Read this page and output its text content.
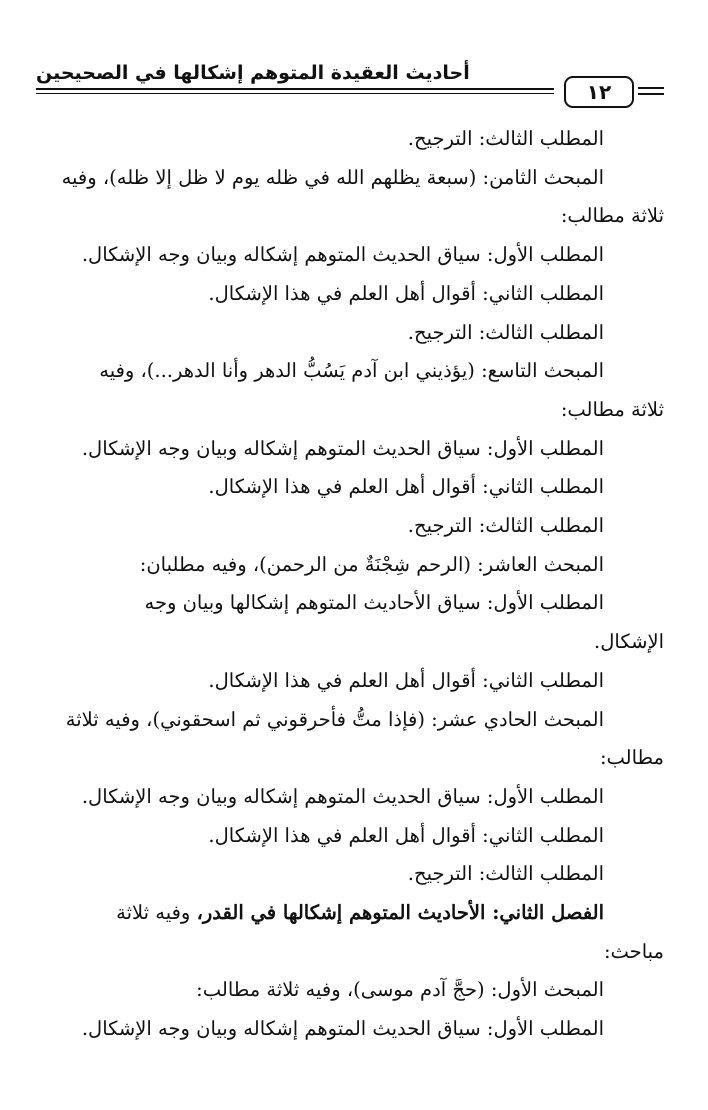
أحاديث العقيدة المتوهم إشكالها في الصحيحين
١٢
المطلب الثالث: الترجيح.
المبحث الثامن: (سبعة يظلهم الله في ظله يوم لا ظل إلا ظله)، وفيه
ثلاثة مطالب:
المطلب الأول: سياق الحديث المتوهم إشكاله وبيان وجه الإشكال.
المطلب الثاني: أقوال أهل العلم في هذا الإشكال.
المطلب الثالث: الترجيح.
المبحث التاسع: (يؤذيني ابن آدم يَسُبُّ الدهر وأنا الدهر...)، وفيه
ثلاثة مطالب:
المطلب الأول: سياق الحديث المتوهم إشكاله وبيان وجه الإشكال.
المطلب الثاني: أقوال أهل العلم في هذا الإشكال.
المطلب الثالث: الترجيح.
المبحث العاشر: (الرحم شِجْنَةٌ من الرحمن)، وفيه مطلبان:
المطلب الأول: سياق الأحاديث المتوهم إشكالها وبيان وجه
الإشكال.
المطلب الثاني: أقوال أهل العلم في هذا الإشكال.
المبحث الحادي عشر: (فإذا متُّ فأحرقوني ثم اسحقوني)، وفيه ثلاثة
مطالب:
المطلب الأول: سياق الحديث المتوهم إشكاله وبيان وجه الإشكال.
المطلب الثاني: أقوال أهل العلم في هذا الإشكال.
المطلب الثالث: الترجيح.
الفصل الثاني: الأحاديث المتوهم إشكالها في القدر، وفيه ثلاثة
مباحث:
المبحث الأول: (حجَّ آدم موسى)، وفيه ثلاثة مطالب:
المطلب الأول: سياق الحديث المتوهم إشكاله وبيان وجه الإشكال.
